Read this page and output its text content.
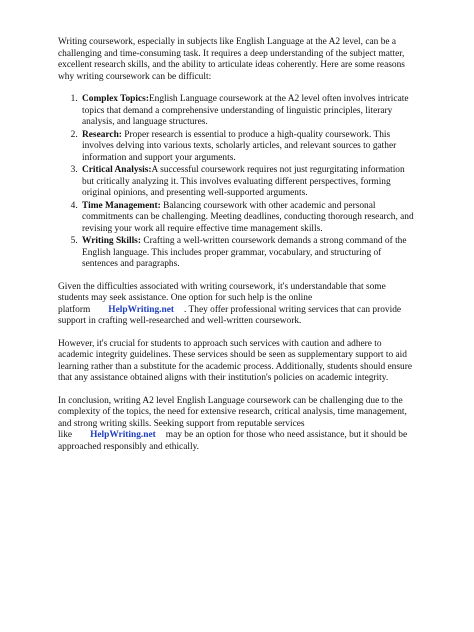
Writing coursework, especially in subjects like English Language at the A2 level, can be a challenging and time-consuming task. It requires a deep understanding of the subject matter, excellent research skills, and the ability to articulate ideas coherently. Here are some reasons why writing coursework can be difficult:

1. Complex Topics:English Language coursework at the A2 level often involves intricate topics that demand a comprehensive understanding of linguistic principles, literary analysis, and language structures.
2. Research: Proper research is essential to produce a high-quality coursework. This involves delving into various texts, scholarly articles, and relevant sources to gather information and support your arguments.
3. Critical Analysis:A successful coursework requires not just regurgitating information but critically analyzing it. This involves evaluating different perspectives, forming original opinions, and presenting well-supported arguments.
4. Time Management: Balancing coursework with other academic and personal commitments can be challenging. Meeting deadlines, conducting thorough research, and revising your work all require effective time management skills.
5. Writing Skills: Crafting a well-written coursework demands a strong command of the English language. This includes proper grammar, vocabulary, and structuring of sentences and paragraphs.

Given the difficulties associated with writing coursework, it's understandable that some students may seek assistance. One option for such help is the online platform HelpWriting.net . They offer professional writing services that can provide support in crafting well-researched and well-written coursework.

However, it's crucial for students to approach such services with caution and adhere to academic integrity guidelines. These services should be seen as supplementary support to aid learning rather than a substitute for the academic process. Additionally, students should ensure that any assistance obtained aligns with their institution's policies on academic integrity.

In conclusion, writing A2 level English Language coursework can be challenging due to the complexity of the topics, the need for extensive research, critical analysis, time management, and strong writing skills. Seeking support from reputable services like HelpWriting.net may be an option for those who need assistance, but it should be approached responsibly and ethically.
